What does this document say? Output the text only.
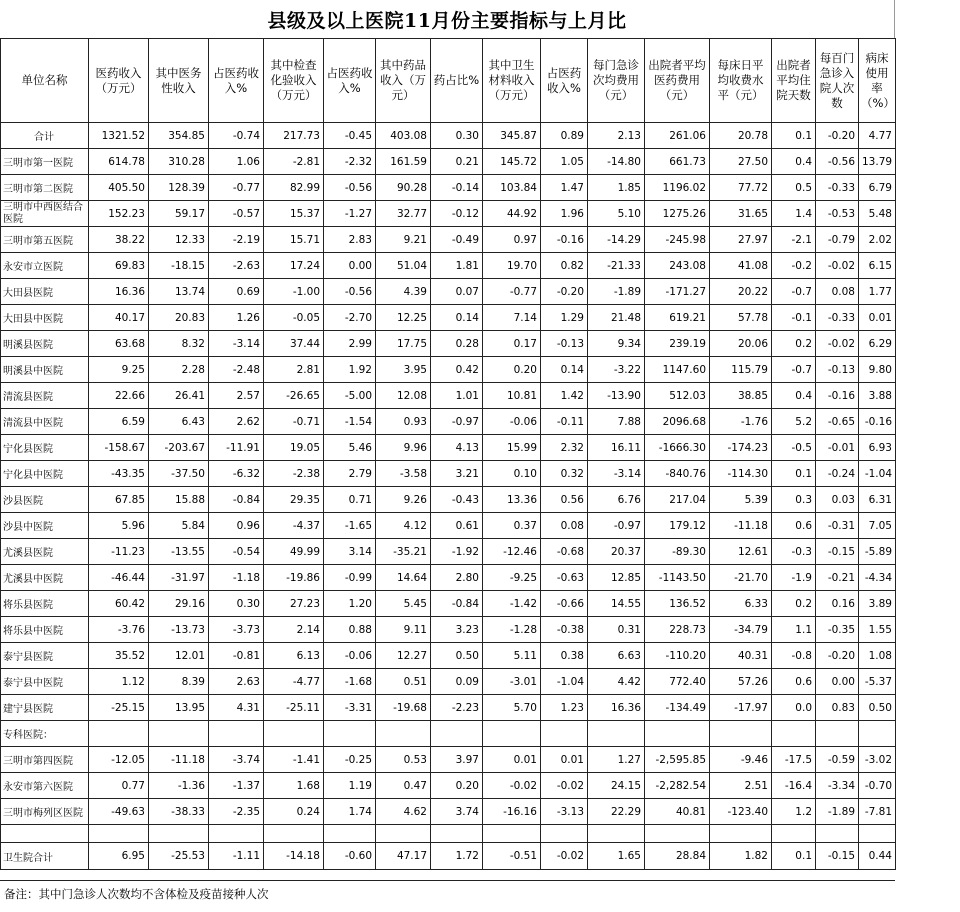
县级及以上医院11月份主要指标与上月比
单位名称	医药收入（万元）	其中医务性收入	占医药收入%	其中检查化验收入（万元）	占医药收入%	其中药品收入（万元）	药占比%	其中卫生材料收入（万元）	占医药收入%	每门急诊次均费用（元）	出院者平均医药费用（元）	每床日平均收费水平（元）	出院者平均住院天数	每百门急诊入院人次数	病床使用率（%）
合计	1321.52	354.85	-0.74	217.73	-0.45	403.08	0.30	345.87	0.89	2.13	261.06	20.78	0.1	-0.20	4.77
三明市第一医院	614.78	310.28	1.06	-2.81	-2.32	161.59	0.21	145.72	1.05	-14.80	661.73	27.50	0.4	-0.56	13.79
三明市第二医院	405.50	128.39	-0.77	82.99	-0.56	90.28	-0.14	103.84	1.47	1.85	1196.02	77.72	0.5	-0.33	6.79
三明市中西医结合医院	152.23	59.17	-0.57	15.37	-1.27	32.77	-0.12	44.92	1.96	5.10	1275.26	31.65	1.4	-0.53	5.48
三明市第五医院	38.22	12.33	-2.19	15.71	2.83	9.21	-0.49	0.97	-0.16	-14.29	-245.98	27.97	-2.1	-0.79	2.02
永安市立医院	69.83	-18.15	-2.63	17.24	0.00	51.04	1.81	19.70	0.82	-21.33	243.08	41.08	-0.2	-0.02	6.15
大田县医院	16.36	13.74	0.69	-1.00	-0.56	4.39	0.07	-0.77	-0.20	-1.89	-171.27	20.22	-0.7	0.08	1.77
大田县中医院	40.17	20.83	1.26	-0.05	-2.70	12.25	0.14	7.14	1.29	21.48	619.21	57.78	-0.1	-0.33	0.01
明溪县医院	63.68	8.32	-3.14	37.44	2.99	17.75	0.28	0.17	-0.13	9.34	239.19	20.06	0.2	-0.02	6.29
明溪县中医院	9.25	2.28	-2.48	2.81	1.92	3.95	0.42	0.20	0.14	-3.22	1147.60	115.79	-0.7	-0.13	9.80
清流县医院	22.66	26.41	2.57	-26.65	-5.00	12.08	1.01	10.81	1.42	-13.90	512.03	38.85	0.4	-0.16	3.88
清流县中医院	6.59	6.43	2.62	-0.71	-1.54	0.93	-0.97	-0.06	-0.11	7.88	2096.68	-1.76	5.2	-0.65	-0.16
宁化县医院	-158.67	-203.67	-11.91	19.05	5.46	9.96	4.13	15.99	2.32	16.11	-1666.30	-174.23	-0.5	-0.01	6.93
宁化县中医院	-43.35	-37.50	-6.32	-2.38	2.79	-3.58	3.21	0.10	0.32	-3.14	-840.76	-114.30	0.1	-0.24	-1.04
沙县医院	67.85	15.88	-0.84	29.35	0.71	9.26	-0.43	13.36	0.56	6.76	217.04	5.39	0.3	0.03	6.31
沙县中医院	5.96	5.84	0.96	-4.37	-1.65	4.12	0.61	0.37	0.08	-0.97	179.12	-11.18	0.6	-0.31	7.05
尤溪县医院	-11.23	-13.55	-0.54	49.99	3.14	-35.21	-1.92	-12.46	-0.68	20.37	-89.30	12.61	-0.3	-0.15	-5.89
尤溪县中医院	-46.44	-31.97	-1.18	-19.86	-0.99	14.64	2.80	-9.25	-0.63	12.85	-1143.50	-21.70	-1.9	-0.21	-4.34
将乐县医院	60.42	29.16	0.30	27.23	1.20	5.45	-0.84	-1.42	-0.66	14.55	136.52	6.33	0.2	0.16	3.89
将乐县中医院	-3.76	-13.73	-3.73	2.14	0.88	9.11	3.23	-1.28	-0.38	0.31	228.73	-34.79	1.1	-0.35	1.55
泰宁县医院	35.52	12.01	-0.81	6.13	-0.06	12.27	0.50	5.11	0.38	6.63	-110.20	40.31	-0.8	-0.20	1.08
泰宁县中医院	1.12	8.39	2.63	-4.77	-1.68	0.51	0.09	-3.01	-1.04	4.42	772.40	57.26	0.6	0.00	-5.37
建宁县医院	-25.15	13.95	4.31	-25.11	-3.31	-19.68	-2.23	5.70	1.23	16.36	-134.49	-17.97	0.0	0.83	0.50
专科医院：															
三明市第四医院	-12.05	-11.18	-3.74	-1.41	-0.25	0.53	3.97	0.01	0.01	1.27	-2,595.85	-9.46	-17.5	-0.59	-3.02
永安市第六医院	0.77	-1.36	-1.37	1.68	1.19	0.47	0.20	-0.02	-0.02	24.15	-2,282.54	2.51	-16.4	-3.34	-0.70
三明市梅列区医院	-49.63	-38.33	-2.35	0.24	1.74	4.62	3.74	-16.16	-3.13	22.29	40.81	-123.40	1.2	-1.89	-7.81

卫生院合计	6.95	-25.53	-1.11	-14.18	-0.60	47.17	1.72	-0.51	-0.02	1.65	28.84	1.82	0.1	-0.15	0.44
备注：其中门急诊人次数均不含体检及疫苗接种人次
